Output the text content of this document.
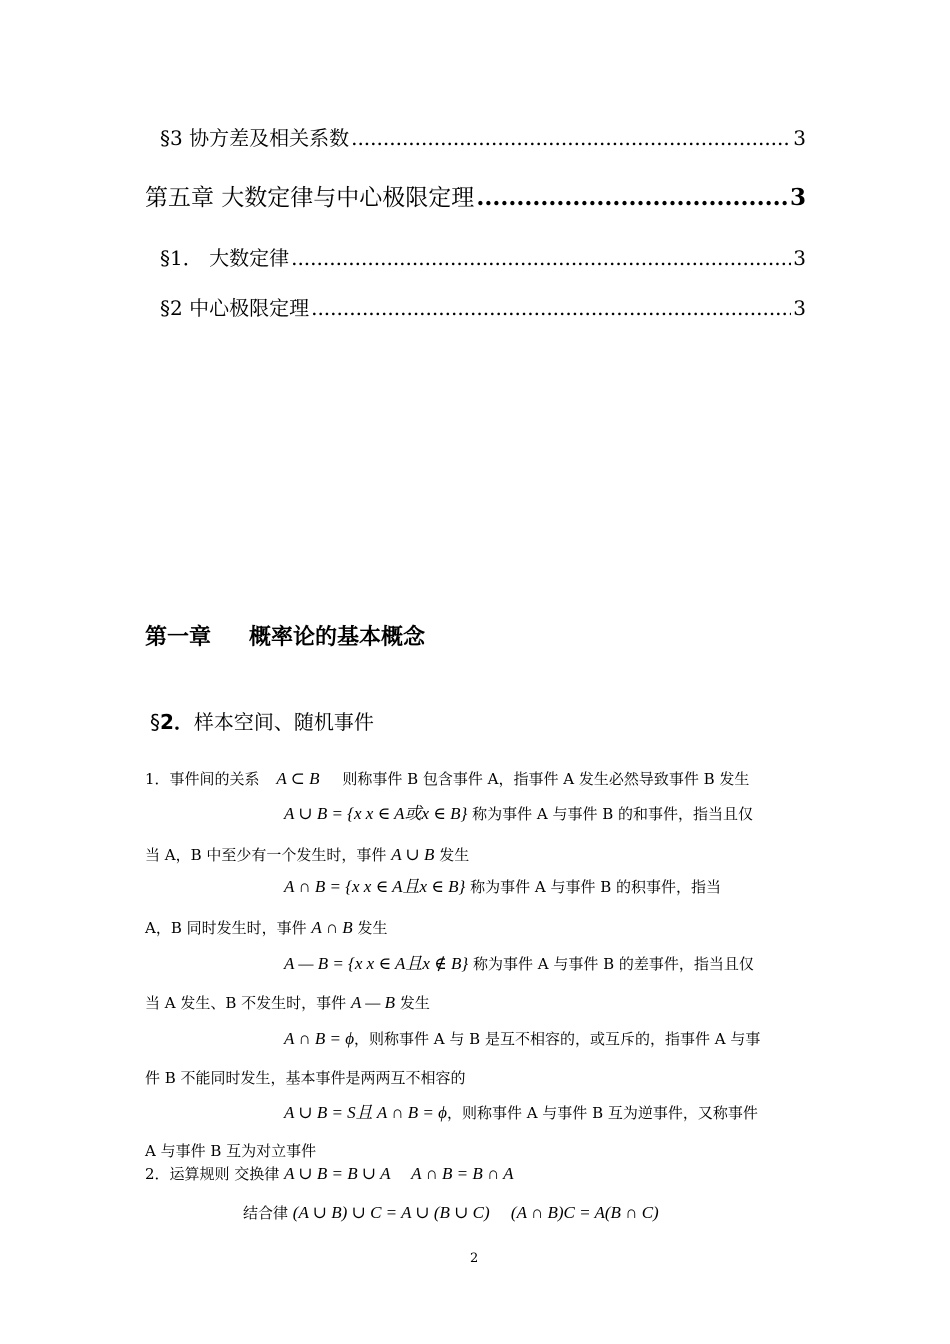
§3 协方差及相关系数 .....	3
第五章 大数定律与中心极限定理 .....	3
§1． 大数定律 .....	3
§2 中心极限定理 .....	3
第一章 概率论的基本概念
§2．样本空间、随机事件
1．事件间的关系 A ⊂ B 则称事件 B 包含事件 A，指事件 A 发生必然导致事件 B 发生
A ∪ B = {x x ∈ A或x ∈ B} 称为事件 A 与事件 B 的和事件，指当且仅
当 A，B 中至少有一个发生时，事件 A ∪ B 发生
A ∩ B = {x x ∈ A且x ∈ B} 称为事件 A 与事件 B 的积事件，指当
A，B 同时发生时，事件 A ∩ B 发生
A — B = {x x ∈ A且x ∉ B} 称为事件 A 与事件 B 的差事件，指当且仅
当 A 发生、B 不发生时，事件 A — B 发生
A ∩ B = ϕ，则称事件 A 与 B 是互不相容的，或互斥的，指事件 A 与事
件 B 不能同时发生，基本事件是两两互不相容的
A ∪ B = S且 A ∩ B = ϕ，则称事件 A 与事件 B 互为逆事件，又称事件
A 与事件 B 互为对立事件
2．运算规则 交换律 A ∪ B = B ∪ A     A ∩ B = B ∩ A
结合律 (A ∪ B) ∪ C = A ∪ (B ∪ C)     (A ∩ B)C = A(B ∩ C)
2
